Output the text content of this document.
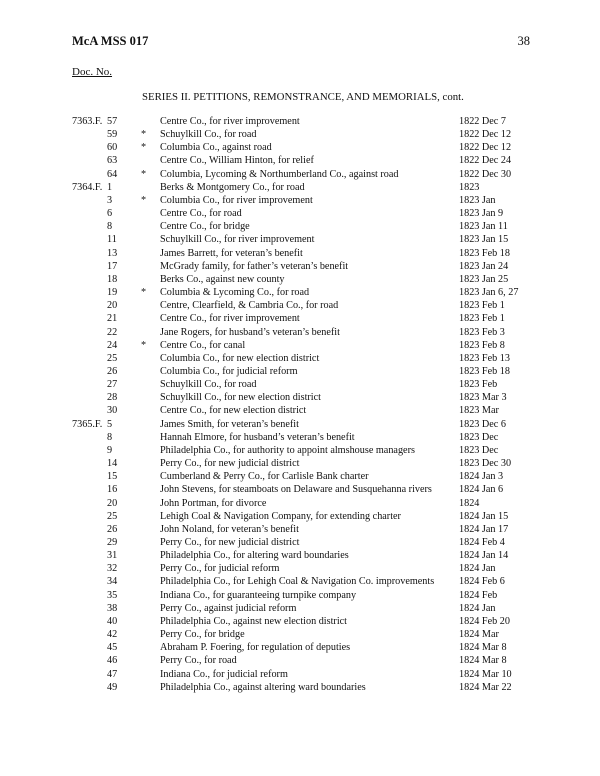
McA MSS 017	38
Doc. No.
SERIES II. PETITIONS, REMONSTRANCE, AND MEMORIALS, cont.
7363.F. 57	Centre Co., for river improvement	1822 Dec 7
59 * Schuylkill Co., for road	1822 Dec 12
60 * Columbia Co., against road	1822 Dec 12
63	Centre Co., William Hinton, for relief	1822 Dec 24
64 * Columbia, Lycoming & Northumberland Co., against road	1822 Dec 30
7364.F. 1	Berks & Montgomery Co., for road	1823
3	* Columbia Co., for river improvement	1823 Jan
6	Centre Co., for road	1823 Jan 9
8	Centre Co., for bridge	1823 Jan 11
11	Schuylkill Co., for river improvement	1823 Jan 15
13	James Barrett, for veteran’s benefit	1823 Feb 18
17	McGrady family, for father’s veteran’s benefit	1823 Jan 24
18	Berks Co., against new county	1823 Jan 25
19 * Columbia & Lycoming Co., for road	1823 Jan 6, 27
20	Centre, Clearfield, & Cambria Co., for road	1823 Feb 1
21	Centre Co., for river improvement	1823 Feb 1
22	Jane Rogers, for husband’s veteran’s benefit	1823 Feb 3
24 * Centre Co., for canal	1823 Feb 8
25	Columbia Co., for new election district	1823 Feb 13
26	Columbia Co., for judicial reform	1823 Feb 18
27	Schuylkill Co., for road	1823 Feb
28	Schuylkill Co., for new election district	1823 Mar 3
30	Centre Co., for new election district	1823 Mar
7365.F. 5	James Smith, for veteran’s benefit	1823 Dec 6
8	Hannah Elmore, for husband’s veteran’s benefit	1823 Dec
9	Philadelphia Co., for authority to appoint almshouse managers	1823 Dec
14	Perry Co., for new judicial district	1823 Dec 30
15	Cumberland & Perry Co., for Carlisle Bank charter	1824 Jan 3
16	John Stevens, for steamboats on Delaware and Susquehanna rivers	1824 Jan 6
20	John Portman, for divorce	1824
25	Lehigh Coal & Navigation Company, for extending charter	1824 Jan 15
26	John Noland, for veteran’s benefit	1824 Jan 17
29	Perry Co., for new judicial district	1824 Feb 4
31	Philadelphia Co., for altering ward boundaries	1824 Jan 14
32	Perry Co., for judicial reform	1824 Jan
34	Philadelphia Co., for Lehigh Coal & Navigation Co. improvements 1824 Feb 6
35	Indiana Co., for guaranteeing turnpike company	1824 Feb
38	Perry Co., against judicial reform	1824 Jan
40	Philadelphia Co., against new election district	1824 Feb 20
42	Perry Co., for bridge	1824 Mar
45	Abraham P. Foering, for regulation of deputies	1824 Mar 8
46	Perry Co., for road	1824 Mar 8
47	Indiana Co., for judicial reform	1824 Mar 10
49	Philadelphia Co., against altering ward boundaries	1824 Mar 22
